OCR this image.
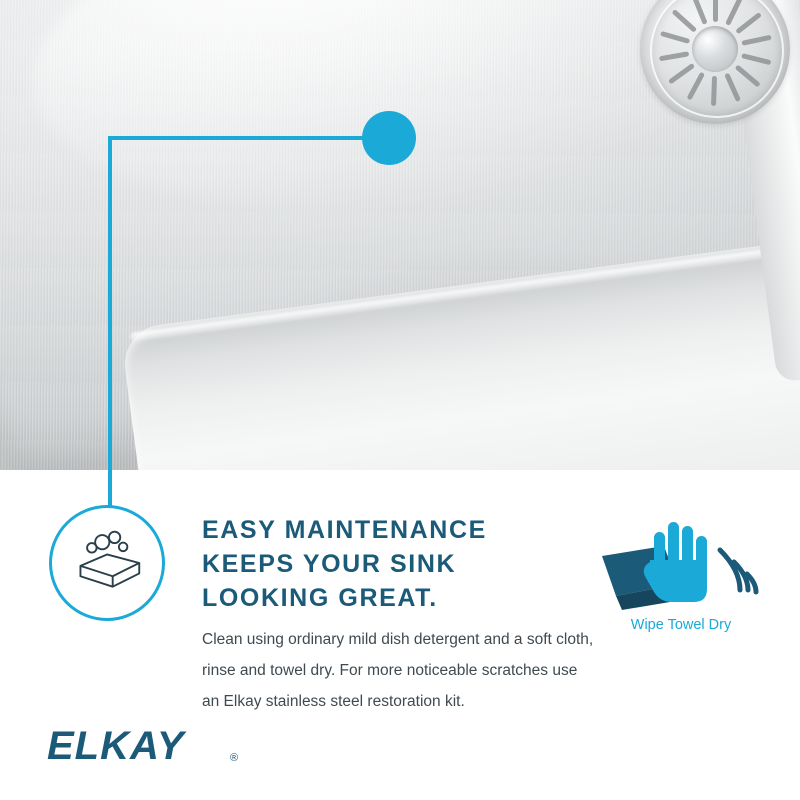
EASY MAINTENANCE
KEEPS YOUR SINK
LOOKING GREAT.
Clean using ordinary mild dish detergent and a soft cloth, rinse and towel dry. For more noticeable scratches use an Elkay stainless steel restoration kit.
Wipe Towel Dry
ELKAY	®
